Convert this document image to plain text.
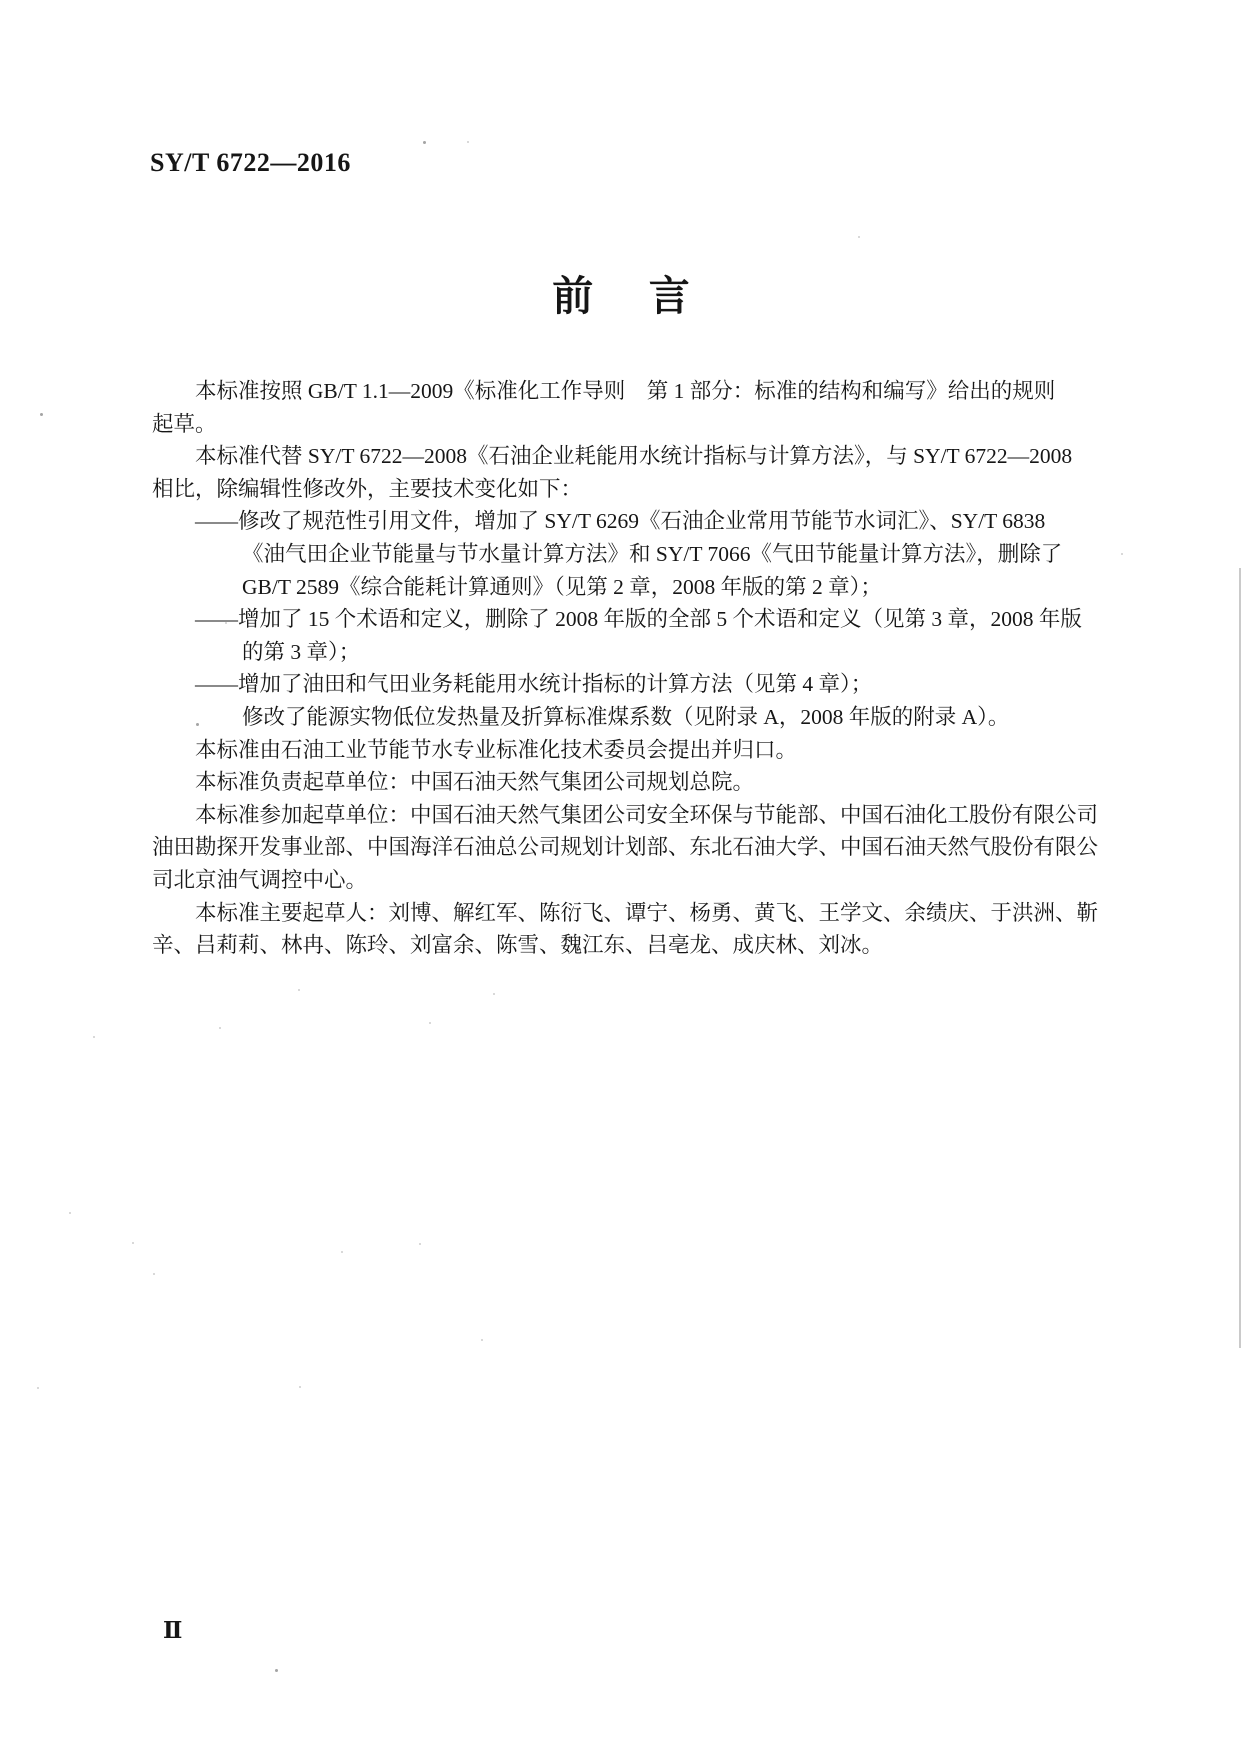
SY/T 6722—2016
前 言
本标准按照 GB/T 1.1—2009《标准化工作导则　第 1 部分：标准的结构和编写》给出的规则
起草。
本标准代替 SY/T 6722—2008《石油企业耗能用水统计指标与计算方法》，与 SY/T 6722—2008
相比，除编辑性修改外，主要技术变化如下：
——修改了规范性引用文件，增加了 SY/T 6269《石油企业常用节能节水词汇》、SY/T 6838
《油气田企业节能量与节水量计算方法》和 SY/T 7066《气田节能量计算方法》，删除了
GB/T 2589《综合能耗计算通则》（见第 2 章，2008 年版的第 2 章）；
——增加了 15 个术语和定义，删除了 2008 年版的全部 5 个术语和定义（见第 3 章，2008 年版
的第 3 章）；
——增加了油田和气田业务耗能用水统计指标的计算方法（见第 4 章）；
修改了能源实物低位发热量及折算标准煤系数（见附录 A，2008 年版的附录 A）。
本标准由石油工业节能节水专业标准化技术委员会提出并归口。
本标准负责起草单位：中国石油天然气集团公司规划总院。
本标准参加起草单位：中国石油天然气集团公司安全环保与节能部、中国石油化工股份有限公司
油田勘探开发事业部、中国海洋石油总公司规划计划部、东北石油大学、中国石油天然气股份有限公
司北京油气调控中心。
本标准主要起草人：刘博、解红军、陈衍飞、谭宁、杨勇、黄飞、王学文、余绩庆、于洪洲、靳
辛、吕莉莉、林冉、陈玲、刘富余、陈雪、魏江东、吕亳龙、成庆林、刘冰。
Ⅱ
